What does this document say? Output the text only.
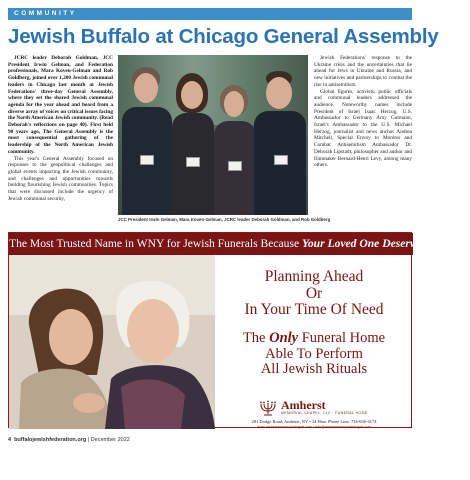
COMMUNITY
Jewish Buffalo at Chicago General Assembly

JCRC leader Deborah Goldman, JCC President Irwin Gelman, and Federation professionals, Mara Koven-Gelman and Rob Goldberg, joined over 1,200 Jewish communal leaders in Chicago last month at Jewish Federations' three-day General Assembly, where they set the shared Jewish communal agenda for the year ahead and heard from a diverse array of voices on critical issues facing the North American Jewish community. (Read Deborah's reflections on page 40). First held 90 years ago, The General Assembly is the most consequential gathering of the leadership of the North American Jewish community.

This year's General Assembly focused on responses to the geopolitical challenges and global events impacting the Jewish community, and challenges and opportunities towards building flourishing Jewish communities. Topics that were discussed include the urgency of Jewish communal security,

JCC President Irwin Gelman, Mara Koven-Gelman, JCRC leader Deborah Goldman, and Rob Goldberg

Jewish Federations' response to the Ukraine crisis and the uncertainties that lie ahead for Jews in Ukraine and Russia, and new initiatives and partnerships to combat the rise in antisemitism.

Global figures, activists, public officials and communal leaders addressed the audience. Noteworthy names include President of Israel Isaac Herzog, U.S. Ambassador to Germany Amy Gutmann, Israel's Ambassador to the U.S. Michael Herzog, journalist and news anchor Andrea Mitchell, Special Envoy to Monitor and Combat Antisemitism Ambassador Dr. Deborah Lipstadt, philosopher and author and filmmaker Bernard-Henri Levy, among many others.

The Most Trusted Name in WNY for Jewish Funerals Because Your Loved One Deserves The Best
Planning Ahead
Or
In Your Time Of Need
The Only Funeral Home
Able To Perform
All Jewish Rituals
Amherst
MEMORIAL CHAPEL, LLC · FUNERAL HOME
281 Dodge Road, Amherst, NY • 24 Hour Phone Line: 716-636-4174
www.amherstmemorialchapel.com • info@amherstmemorialchapel.com
4 buffalojewishfederation.org | December 2022
